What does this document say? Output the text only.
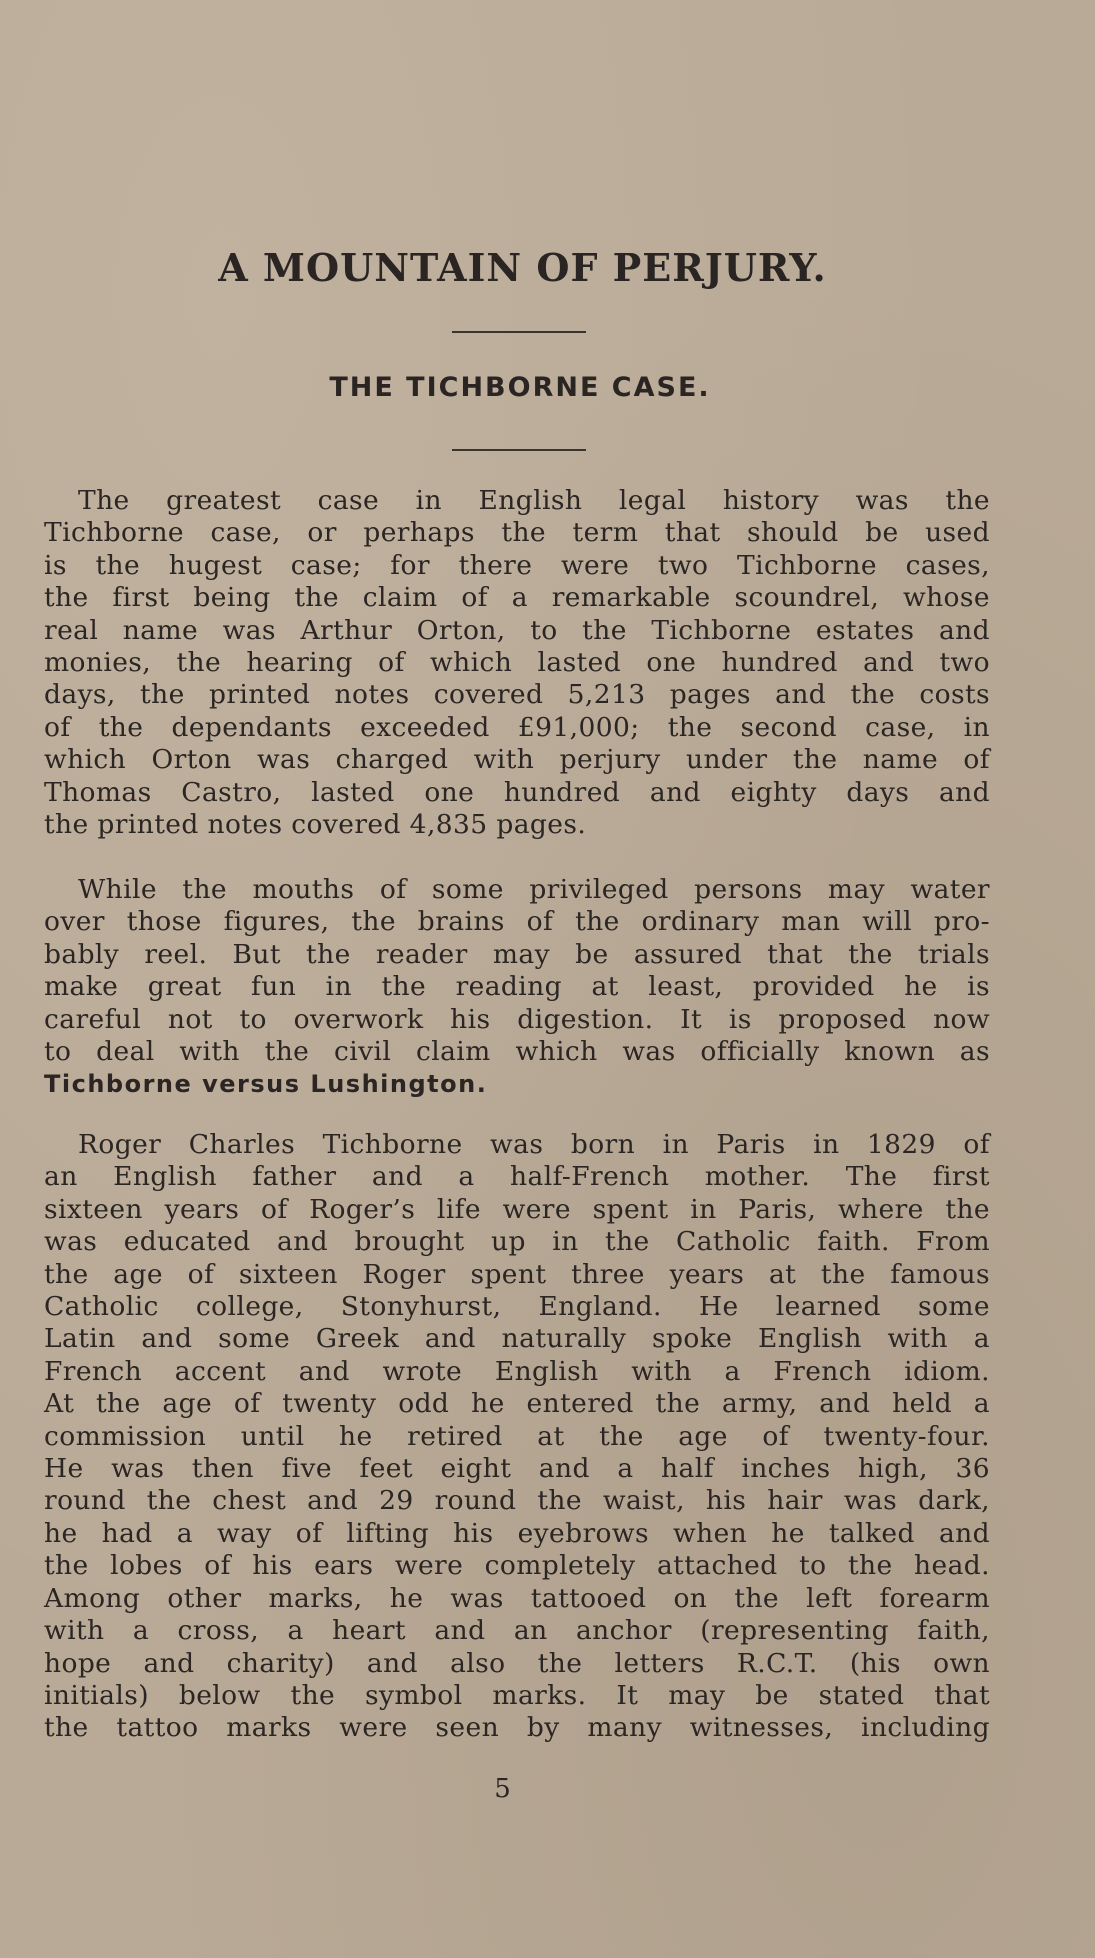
A MOUNTAIN OF PERJURY.
THE TICHBORNE CASE.
The greatest case in English legal history was the
Tichborne case, or perhaps the term that should be used
is the hugest case; for there were two Tichborne cases,
the first being the claim of a remarkable scoundrel, whose
real name was Arthur Orton, to the Tichborne estates and
monies, the hearing of which lasted one hundred and two
days, the printed notes covered 5,213 pages and the costs
of the dependants exceeded £91,000; the second case, in
which Orton was charged with perjury under the name of
Thomas Castro, lasted one hundred and eighty days and
the printed notes covered 4,835 pages.
While the mouths of some privileged persons may water
over those figures, the brains of the ordinary man will pro-
bably reel. But the reader may be assured that the trials
make great fun in the reading at least, provided he is
careful not to overwork his digestion. It is proposed now
to deal with the civil claim which was officially known as
Tichborne versus Lushington.
Roger Charles Tichborne was born in Paris in 1829 of
an English father and a half-French mother. The first
sixteen years of Roger’s life were spent in Paris, where the
was educated and brought up in the Catholic faith. From
the age of sixteen Roger spent three years at the famous
Catholic college, Stonyhurst, England. He learned some
Latin and some Greek and naturally spoke English with a
French accent and wrote English with a French idiom.
At the age of twenty odd he entered the army, and held a
commission until he retired at the age of twenty-four.
He was then five feet eight and a half inches high, 36
round the chest and 29 round the waist, his hair was dark,
he had a way of lifting his eyebrows when he talked and
the lobes of his ears were completely attached to the head.
Among other marks, he was tattooed on the left forearm
with a cross, a heart and an anchor (representing faith,
hope and charity) and also the letters R.C.T. (his own
initials) below the symbol marks. It may be stated that
the tattoo marks were seen by many witnesses, including
5
